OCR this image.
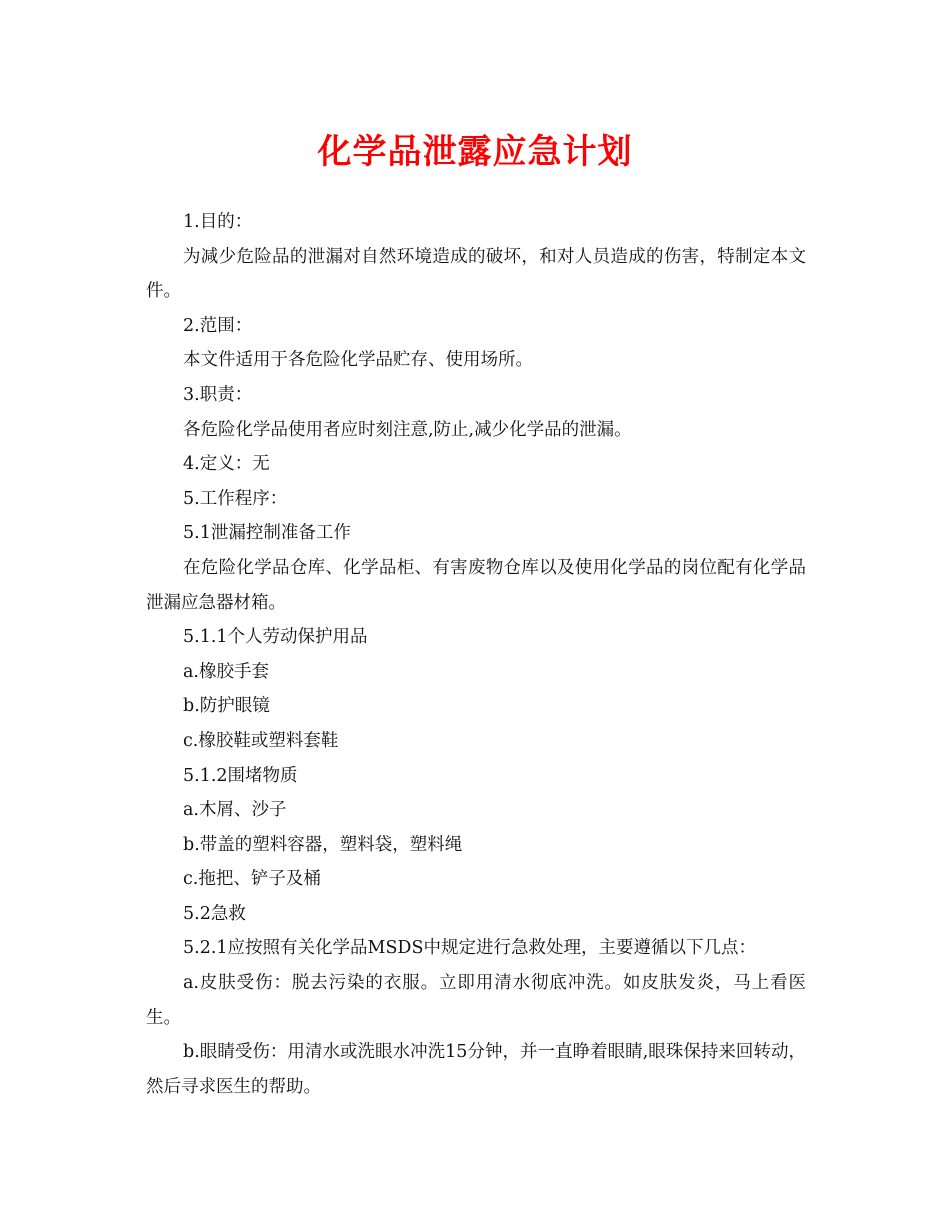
化学品泄露应急计划

1.目的：

为减少危险品的泄漏对自然环境造成的破坏，和对人员造成的伤害，特制定本文件。

2.范围：

本文件适用于各危险化学品贮存、使用场所。

3.职责：

各危险化学品使用者应时刻注意,防止,减少化学品的泄漏。

4.定义：无

5.工作程序：

5.1泄漏控制准备工作

在危险化学品仓库、化学品柜、有害废物仓库以及使用化学品的岗位配有化学品泄漏应急器材箱。

5.1.1个人劳动保护用品

a.橡胶手套

b.防护眼镜

c.橡胶鞋或塑料套鞋

5.1.2围堵物质

a.木屑、沙子

b.带盖的塑料容器，塑料袋，塑料绳

c.拖把、铲子及桶

5.2急救

5.2.1应按照有关化学品MSDS中规定进行急救处理，主要遵循以下几点：

a.皮肤受伤：脱去污染的衣服。立即用清水彻底冲洗。如皮肤发炎，马上看医生。

b.眼睛受伤：用清水或洗眼水冲洗15分钟，并一直睁着眼睛,眼珠保持来回转动，然后寻求医生的帮助。
